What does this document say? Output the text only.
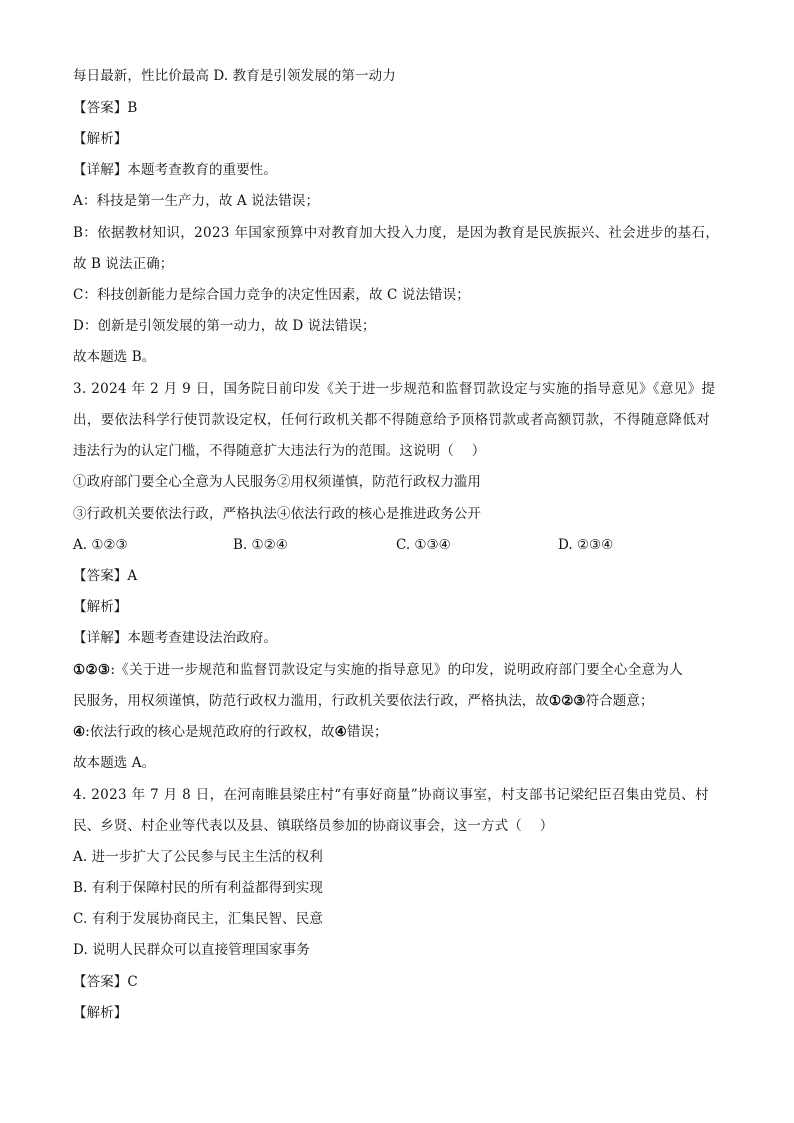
每日最新，性比价最高 D. 教育是引领发展的第一动力
【答案】B
【解析】
【详解】本题考查教育的重要性。
A：科技是第一生产力，故 A 说法错误；
B：依据教材知识，2023 年国家预算中对教育加大投入力度，是因为教育是民族振兴、社会进步的基石，
故 B 说法正确；
C：科技创新能力是综合国力竞争的决定性因素，故 C 说法错误；
D：创新是引领发展的第一动力，故 D 说法错误；
故本题选 B。
3. 2024 年 2 月 9 日，国务院日前印发《关于进一步规范和监督罚款设定与实施的指导意见》《意见》提
出，要依法科学行使罚款设定权，任何行政机关都不得随意给予顶格罚款或者高额罚款，不得随意降低对
违法行为的认定门槛，不得随意扩大违法行为的范围。这说明（　 ）
①政府部门要全心全意为人民服务②用权须谨慎，防范行政权力滥用
③行政机关要依法行政，严格执法④依法行政的核心是推进政务公开
A. ①②③	B. ①②④	C. ①③④	D. ②③④
【答案】A
【解析】
【详解】本题考查建设法治政府。
①②③:《关于进一步规范和监督罚款设定与实施的指导意见》的印发，说明政府部门要全心全意为人
民服务，用权须谨慎，防范行政权力滥用，行政机关要依法行政，严格执法，故①②③符合题意；
④:依法行政的核心是规范政府的行政权，故④错误；
故本题选 A。
4. 2023 年 7 月 8 日，在河南睢县梁庄村“有事好商量”协商议事室，村支部书记梁纪臣召集由党员、村
民、乡贤、村企业等代表以及县、镇联络员参加的协商议事会，这一方式（　 ）
A. 进一步扩大了公民参与民主生活的权利
B. 有利于保障村民的所有利益都得到实现
C. 有利于发展协商民主，汇集民智、民意
D. 说明人民群众可以直接管理国家事务
【答案】C
【解析】
